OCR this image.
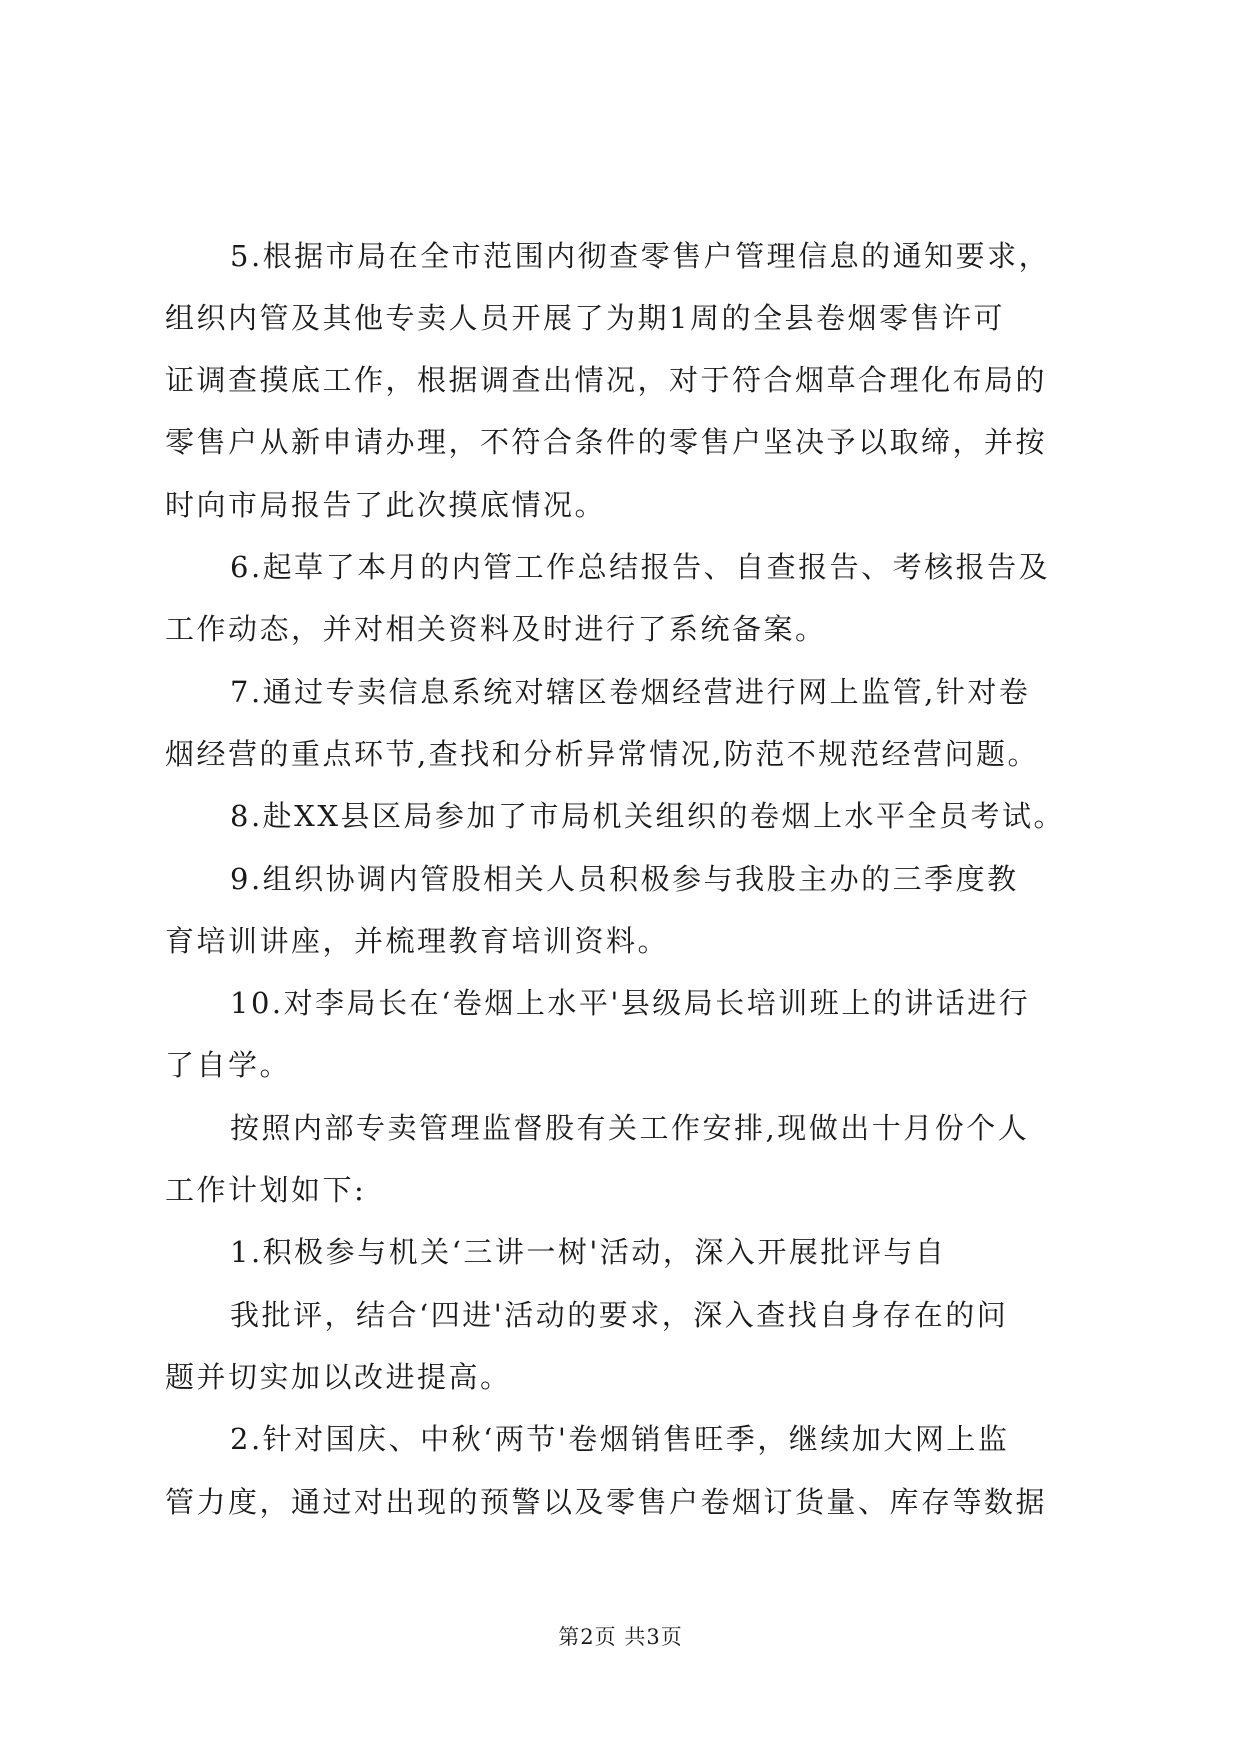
5.根据市局在全市范围内彻查零售户管理信息的通知要求，
组织内管及其他专卖人员开展了为期1周的全县卷烟零售许可
证调查摸底工作，根据调查出情况，对于符合烟草合理化布局的
零售户从新申请办理，不符合条件的零售户坚决予以取缔，并按
时向市局报告了此次摸底情况。
6.起草了本月的内管工作总结报告、自查报告、考核报告及
工作动态，并对相关资料及时进行了系统备案。
7.通过专卖信息系统对辖区卷烟经营进行网上监管,针对卷
烟经营的重点环节,查找和分析异常情况,防范不规范经营问题。
8.赴XX县区局参加了市局机关组织的卷烟上水平全员考试。
9.组织协调内管股相关人员积极参与我股主办的三季度教
育培训讲座，并梳理教育培训资料。
10.对李局长在‘卷烟上水平'县级局长培训班上的讲话进行
了自学。
按照内部专卖管理监督股有关工作安排,现做出十月份个人
工作计划如下:
1.积极参与机关‘三讲一树'活动，深入开展批评与自
我批评，结合‘四进'活动的要求，深入查找自身存在的问
题并切实加以改进提高。
2.针对国庆、中秋‘两节'卷烟销售旺季，继续加大网上监
管力度，通过对出现的预警以及零售户卷烟订货量、库存等数据
第2页 共3页
